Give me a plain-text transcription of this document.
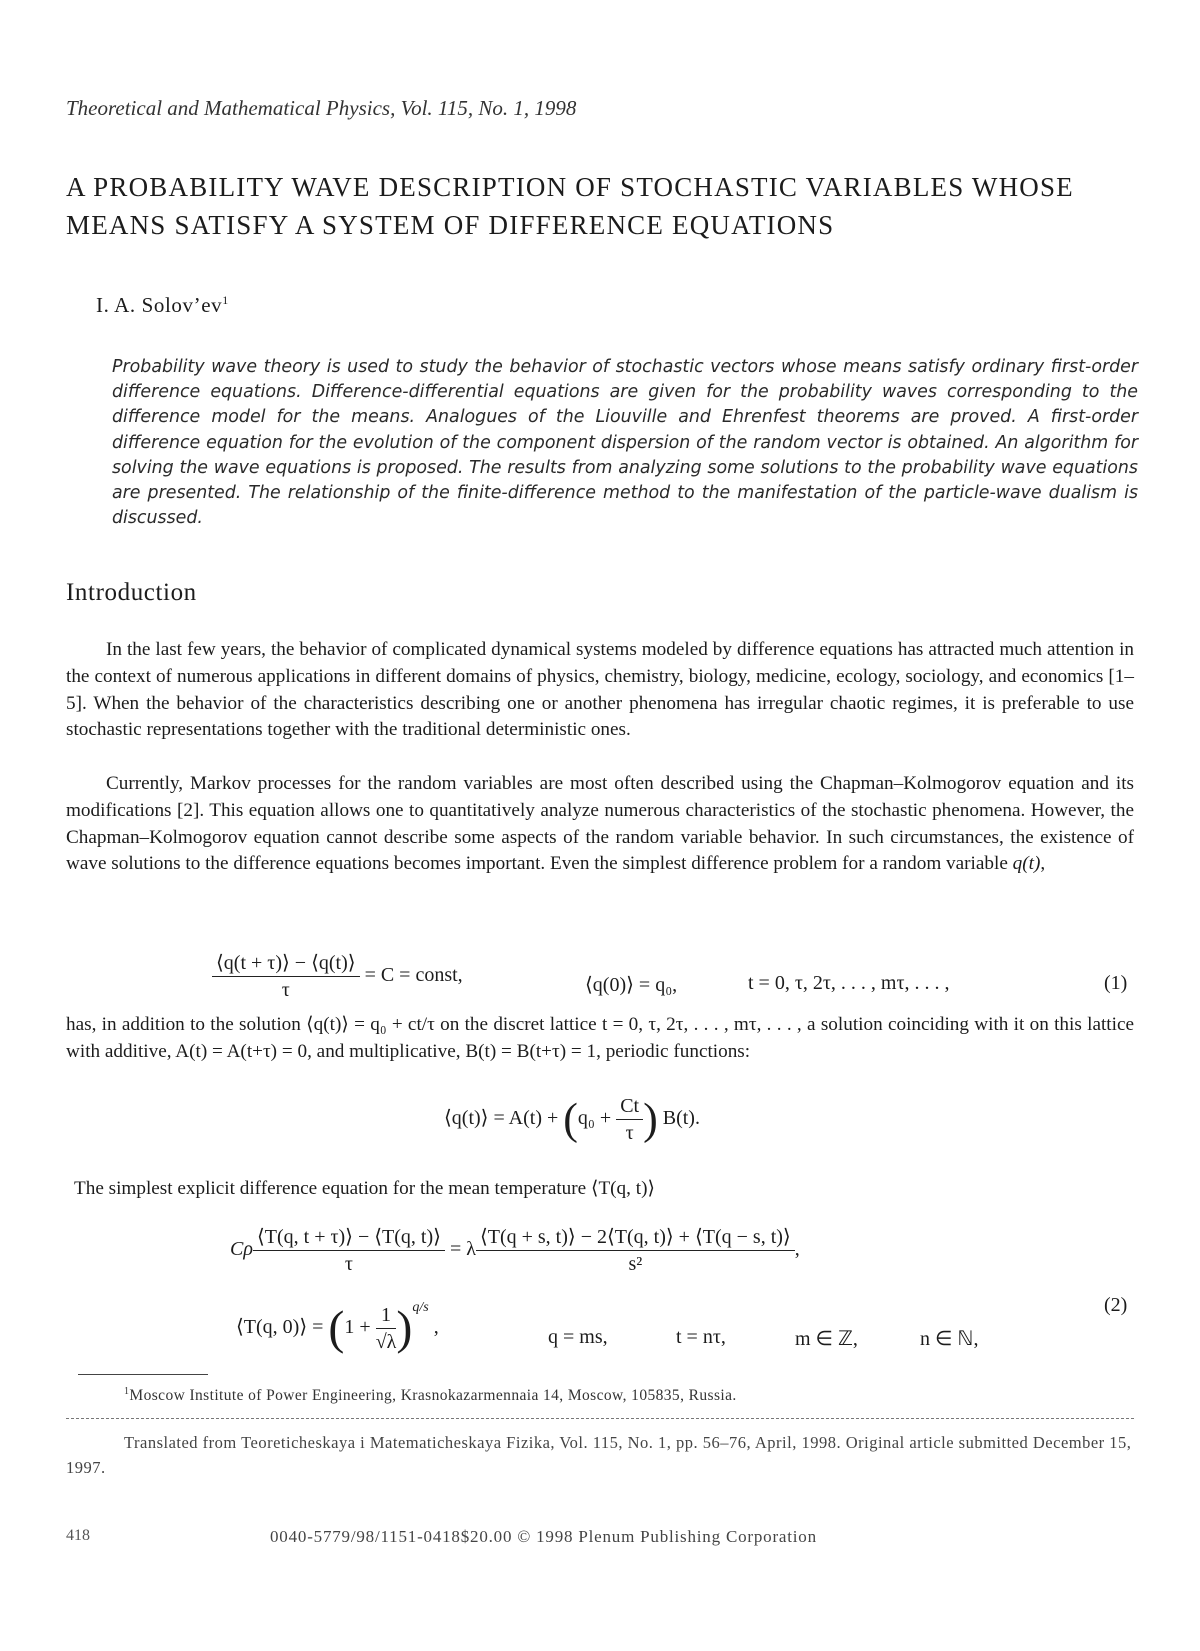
Theoretical and Mathematical Physics, Vol. 115, No. 1, 1998
A PROBABILITY WAVE DESCRIPTION OF STOCHASTIC VARIABLES WHOSE MEANS SATISFY A SYSTEM OF DIFFERENCE EQUATIONS
I. A. $Solov’ev^1$

Probability wave theory is used to study the behavior of stochastic vectors whose means satisfy ordinary first-order difference equations. Difference-differential equations are given for the probability waves corresponding to the difference model for the means. Analogues of the Liouville and Ehrenfest theorems are proved. A first-order difference equation for the evolution of the component dispersion of the random vector is obtained. An algorithm for solving the wave equations is proposed. The results from analyzing some solutions to the probability wave equations are presented. The relationship of the finite-difference method to the manifestation of the particle-wave dualism is discussed.

Introduction

In the last few years, the behavior of complicated dynamical systems modeled by difference equations has attracted much attention in the context of numerous applications in different domains of physics, chemistry, biology, medicine, ecology, sociology, and economics [1–5]. When the behavior of the characteristics describing one or another phenomena has irregular chaotic regimes, it is preferable to use stochastic representations together with the traditional deterministic ones.

Currently, Markov processes for the random variables are most often described using the Chapman–Kolmogorov equation and its modifications [2]. This equation allows one to quantitatively analyze numerous characteristics of the stochastic phenomena. However, the Chapman–Kolmogorov equation cannot describe some aspects of the random variable behavior. In such circumstances, the existence of wave solutions to the difference equations becomes important. Even the simplest difference problem for a random variable q(t),

$\frac{⟨q(t + \tau)⟩ - ⟨q(t)⟩}{\tau} = C$ = const,	⟨q(0)⟩ = q₀,	t = 0, τ, 2τ, . . . , mτ, . . . ,	(1)

has, in addition to the solution ⟨q(t)⟩ = q₀ + ct/τ on the discret lattice t = 0, τ, 2τ, . . . , mτ, . . . , a solution coinciding with it on this lattice with additive, A(t) = A(t+τ) = 0, and multiplicative, B(t) = B(t+τ) = 1, periodic functions:

⟨q(t)⟩ = $A(t) + (q_0 + \frac{Ct}{\tau}$ ) B(t).

The simplest explicit difference equation for the mean temperature ⟨T(q, t)⟩

Cρ $\frac{⟨T(q, t + \tau)⟩ - ⟨T(q, t)⟩}{\tau} = \lambda \frac{⟨T(q + s, t)⟩ - 2⟨T(q, t)⟩ + ⟨T(q - s, t)⟩}{\text{s²}}$ ,
⟨T(q, 0)⟩ = $(1 + \frac{1}{√\lambda} )^{q/s}$ ,	q = ms,	t = nτ,	m ∈ ℤ,	n ∈ ℕ,
(2)
$^1$Moscow Institute of Power Engineering, Krasnokazarmennaia 14, Moscow, 105835, Russia.

Translated from Teoreticheskaya i Matematicheskaya Fizika, Vol. 115, No. 1, pp. 56–76, April, 1998. Original article submitted December 15, 1997.

418	0040-5779/98/1151-0418$20.00 © 1998 Plenum Publishing Corporation
